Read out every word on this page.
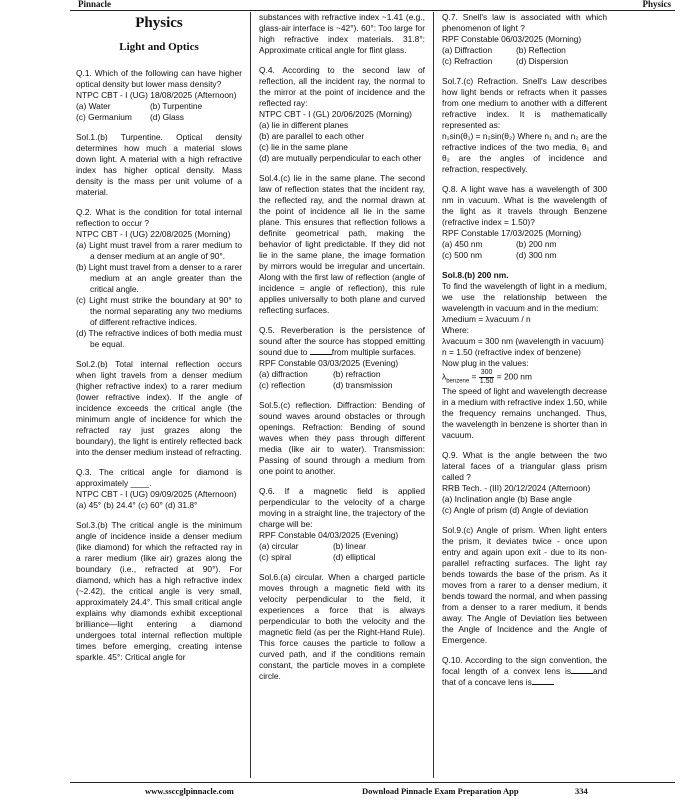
Pinnacle	Physics
Physics
Light and Optics
Q.1. Which of the following can have higher optical density but lower mass density?
NTPC CBT - I (UG) 18/08/2025 (Afternoon)
(a) Water	(b) Turpentine
(c) Germanium (d) Glass

Sol.1.(b) Turpentine. Optical density determines how much a material slows down light. A material with a high refractive index has higher optical density. Mass density is the mass per unit volume of a material.

Q.2. What is the condition for total internal reflection to occur ?
NTPC CBT - I (UG) 22/08/2025 (Morning)
(a) Light must travel from a rarer medium to a denser medium at an angle of 90°.
(b) Light must travel from a denser to a rarer medium at an angle greater than the critical angle.
(c) Light must strike the boundary at 90° to the normal separating any two mediums of different refractive indices.
(d) The refractive indices of both media must be equal.

Sol.2.(b) Total internal reflection occurs when light travels from a denser medium (higher refractive index) to a rarer medium (lower refractive index). If the angle of incidence exceeds the critical angle (the minimum angle of incidence for which the refracted ray just grazes along the boundary), the light is entirely reflected back into the denser medium instead of refracting.

Q.3. The critical angle for diamond is approximately ____.
NTPC CBT - I (UG) 09/09/2025 (Afternoon)
(a) 45° (b) 24.4° (c) 60° (d) 31.8°

Sol.3.(b) The critical angle is the minimum angle of incidence inside a denser medium (like diamond) for which the refracted ray in a rarer medium (like air) grazes along the boundary (i.e., refracted at 90°). For diamond, which has a high refractive index (~2.42), the critical angle is very small, approximately 24.4°. This small critical angle explains why diamonds exhibit exceptional brilliance—light entering a diamond undergoes total internal reflection multiple times before emerging, creating intense sparkle. 45°: Critical angle for

substances with refractive index ~1.41 (e.g., glass-air interface is ~42°). 60°: Too large for high refractive index materials. 31.8°: Approximate critical angle for flint glass.

Q.4. According to the second law of reflection, all the incident ray, the normal to the mirror at the point of incidence and the reflected ray:
NTPC CBT - I (GL) 20/06/2025 (Morning)
(a) lie in different planes
(b) are parallel to each other
(c) lie in the same plane
(d) are mutually perpendicular to each other

Sol.4.(c) lie in the same plane. The second law of reflection states that the incident ray, the reflected ray, and the normal drawn at the point of incidence all lie in the same plane. This ensures that reflection follows a definite geometrical path, making the behavior of light predictable. If they did not lie in the same plane, the image formation by mirrors would be irregular and uncertain. Along with the first law of reflection (angle of incidence = angle of reflection), this rule applies universally to both plane and curved reflecting surfaces.

Q.5. Reverberation is the persistence of sound after the source has stopped emitting sound due to	from multiple surfaces.
RPF Constable 03/03/2025 (Evening)
(a) diffraction	(b) refraction
(c) reflection	(d) transmission

Sol.5.(c) reflection. Diffraction: Bending of sound waves around obstacles or through openings. Refraction: Bending of sound waves when they pass through different media (like air to water). Transmission: Passing of sound through a medium from one point to another.

Q.6. If a magnetic field is applied perpendicular to the velocity of a charge moving in a straight line, the trajectory of the charge will be:
RPF Constable 04/03/2025 (Evening)
(a) circular	(b) linear
(c) spiral	(d) elliptical

Sol.6.(a) circular. When a charged particle moves through a magnetic field with its velocity perpendicular to the field, it experiences a force that is always perpendicular to both the velocity and the magnetic field (as per the Right-Hand Rule). This force causes the particle to follow a curved path, and if the conditions remain constant, the particle moves in a complete circle.

Q.7. Snell's law is associated with which phenomenon of light ?
RPF Constable 06/03/2025 (Morning)
(a) Diffraction	(b) Reflection
(c) Refraction	(d) Dispersion

Sol.7.(c) Refraction. Snell's Law describes how light bends or refracts when it passes from one medium to another with a different refractive index. It is mathematically represented as:

n₁sin(θ₁) = n₂sin(θ₂) Where n₁ and n₂ are the refractive indices of the two media, θ₁ and θ₂ are the angles of incidence and refraction, respectively.

Q.8. A light wave has a wavelength of 300 nm in vacuum. What is the wavelength of the light as it travels through Benzene (refractive index = 1.50)?
RPF Constable 17/03/2025 (Morning)
(a) 450 nm	(b) 200 nm
(c) 500 nm	(d) 300 nm
Sol.8.(b) 200 nm.
To find the wavelength of light in a medium, we use the relationship between the wavelength in vacuum and in the medium:
λmedium = λvacuum / n
Where:
λvacuum = 300 nm (wavelength in vacuum)
n = 1.50 (refractive index of benzene)
Now plug in the values:
$\lambda_{benzene} = \frac{300}{1.50} = 200$ nm

The speed of light and wavelength decrease in a medium with refractive index 1.50, while the frequency remains unchanged. Thus, the wavelength in benzene is shorter than in vacuum.

Q.9. What is the angle between the two lateral faces of a triangular glass prism called ?
RRB Tech. - (III) 20/12/2024 (Afternoon)
(a) Inclination angle (b) Base angle
(c) Angle of prism (d) Angle of deviation

Sol.9.(c) Angle of prism. When light enters the prism, it deviates twice - once upon entry and again upon exit - due to its non-parallel refracting surfaces. The light ray bends towards the base of the prism. As it moves from a rarer to a denser medium, it bends toward the normal, and when passing from a denser to a rarer medium, it bends away. The Angle of Deviation lies between the Angle of Incidence and the Angle of Emergence.

Q.10. According to the sign convention, the focal length of a convex lens is	and that of a concave lens is
www.ssccglpinnacle.com	Download Pinnacle Exam Preparation App	334
